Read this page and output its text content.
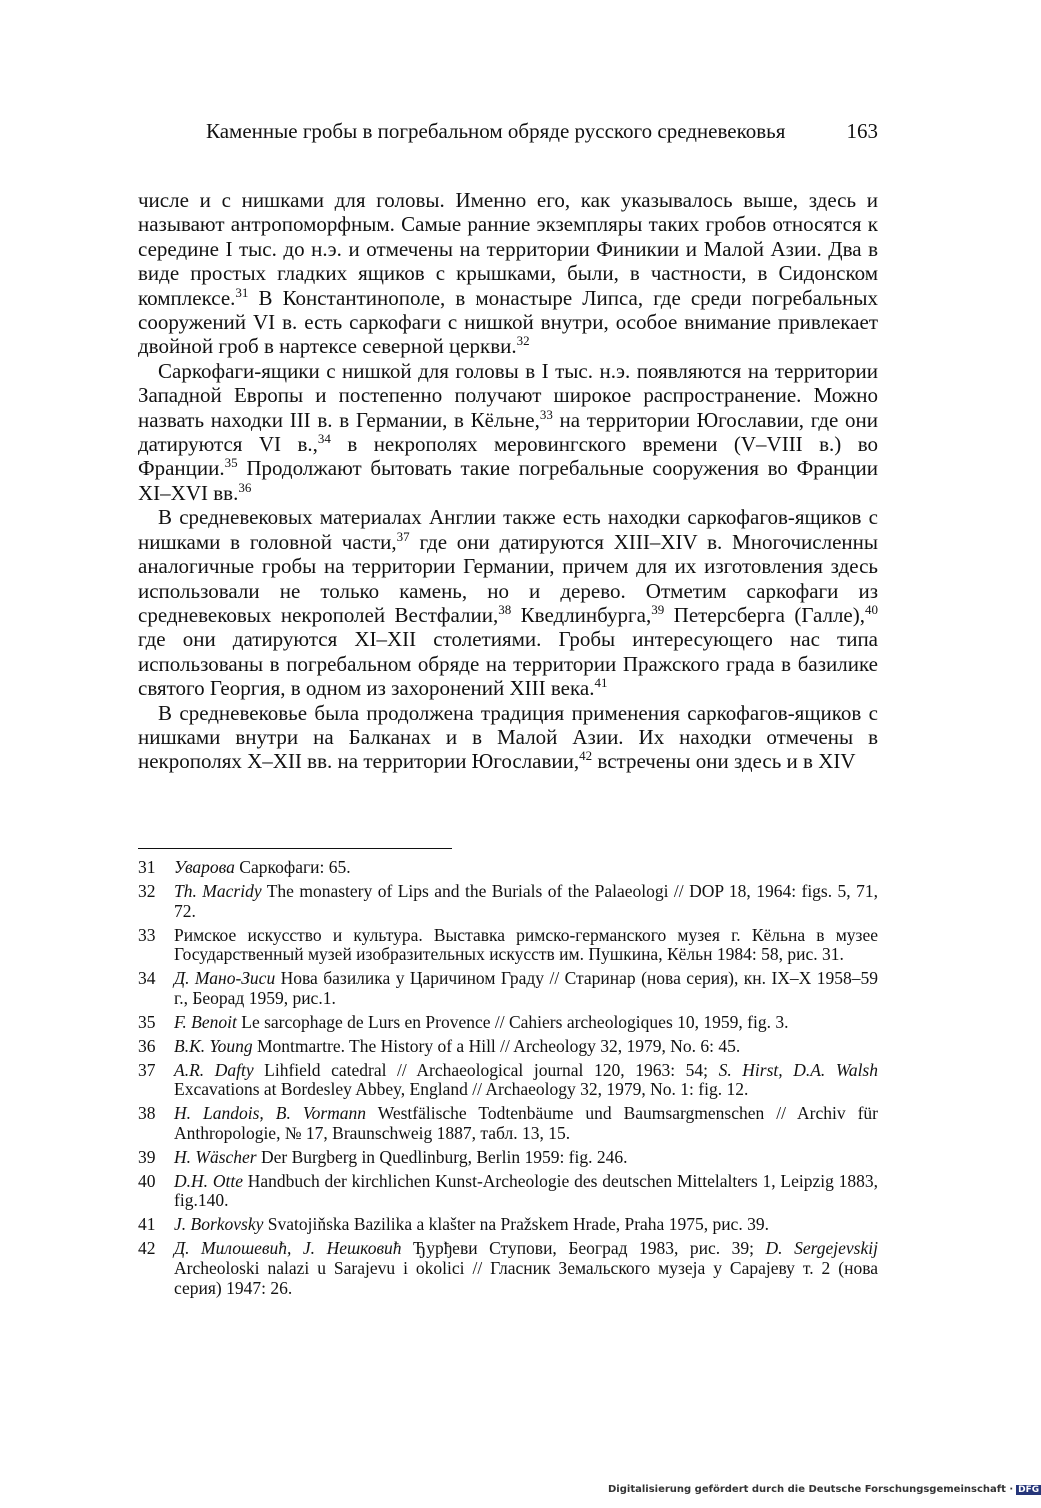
Каменные гробы в погребальном обряде русского средневековья	163

числе и с нишками для головы. Именно его, как указывалось выше, здесь и называют антропоморфным. Самые ранние экземпляры таких гробов относятся к середине I тыс. до н.э. и отмечены на территории Финикии и Малой Азии. Два в виде простых гладких ящиков с крышками, были, в частности, в Сидонском комплексе.$^{31}$ В Константинополе, в монастыре Липса, где среди погребальных сооружений VI в. есть саркофаги с нишкой внутри, особое внимание привлекает двойной гроб в нартексе северной церкви.$^{32}$

Саркофаги-ящики с нишкой для головы в I тыс. н.э. появляются на территории Западной Европы и постепенно получают широкое распространение. Можно назвать находки III в. в Германии, в Кёльне,$^{33}$ на территории Югославии, где они датируются VI в.,$^{34}$ в некрополях меровингского времени (V–VIII в.) во Франции.$^{35}$ Продолжают бытовать такие погребальные сооружения во Франции XI–XVI вв.$^{36}$

В средневековых материалах Англии также есть находки саркофагов-ящиков с нишками в головной части,$^{37}$ где они датируются XIII–XIV в. Многочисленны аналогичные гробы на территории Германии, причем для их изготовления здесь использовали не только камень, но и дерево. Отметим саркофаги из средневековых некрополей Вестфалии,$^{38}$ Кведлинбурга,$^{39}$ Петерсберга (Галле),$^{40}$ где они датируются XI–XII столетиями. Гробы интересующего нас типа использованы в погребальном обряде на территории Пражского града в базилике святого Георгия, в одном из захоронений XIII века.$^{41}$

В средневековье была продолжена традиция применения саркофагов-ящиков с нишками внутри на Балканах и в Малой Азии. Их находки отмечены в некрополях X–XII вв. на территории Югославии,$^{42}$ встречены они здесь и в XIV

31 Уварова Саркофаги: 65.
32 Th. Macridy The monastery of Lips and the Burials of the Palaeologi // DOP 18, 1964: figs. 5, 71, 72.
33 Римское искусство и культура. Выставка римско-германского музея г. Кёльна в музее Государственный музей изобразительных искусств им. Пушкина, Кёльн 1984: 58, рис. 31.
34 Д. Мано-Зиси Нова базилика у Царичином Граду // Старинар (нова серия), кн. IX–X 1958–59 г., Беорад 1959, рис.1.
35 F. Benoit Le sarcophage de Lurs en Provence // Cahiers archeologiques 10, 1959, fig. 3.
36 B.K. Young Montmartre. The History of a Hill // Archeology 32, 1979, No. 6: 45.
37 A.R. Dafty Lihfield catedral // Archaeological journal 120, 1963: 54; S. Hirst, D.A. Walsh Excavations at Bordesley Abbey, England // Archaeology 32, 1979, No. 1: fig. 12.
38 H. Landois, B. Vormann Westfälische Todtenbäume und Baumsargmenschen // Archiv für Anthropologie, № 17, Braunschweig 1887, табл. 13, 15.
39 H. Wäscher Der Burgberg in Quedlinburg, Berlin 1959: fig. 246.
40 D.H. Otte Handbuch der kirchlichen Kunst-Archeologie des deutschen Mittelalters 1, Leipzig 1883, fig.140.
41 J. Borkovsky Svatojiňska Bazilika a klašter na Pražskem Hrade, Praha 1975, рис. 39.
42 Д. Милошевић, J. Нешковић Ђурђеви Ступови, Београд 1983, рис. 39; D. Sergejevskij Archeoloski nalazi u Sarajevu i okolici // Гласник Земальского музеја у Сарајеву т. 2 (нова серия) 1947: 26.
Digitalisierung gefördert durch die Deutsche Forschungsgemeinschaft · DFG
